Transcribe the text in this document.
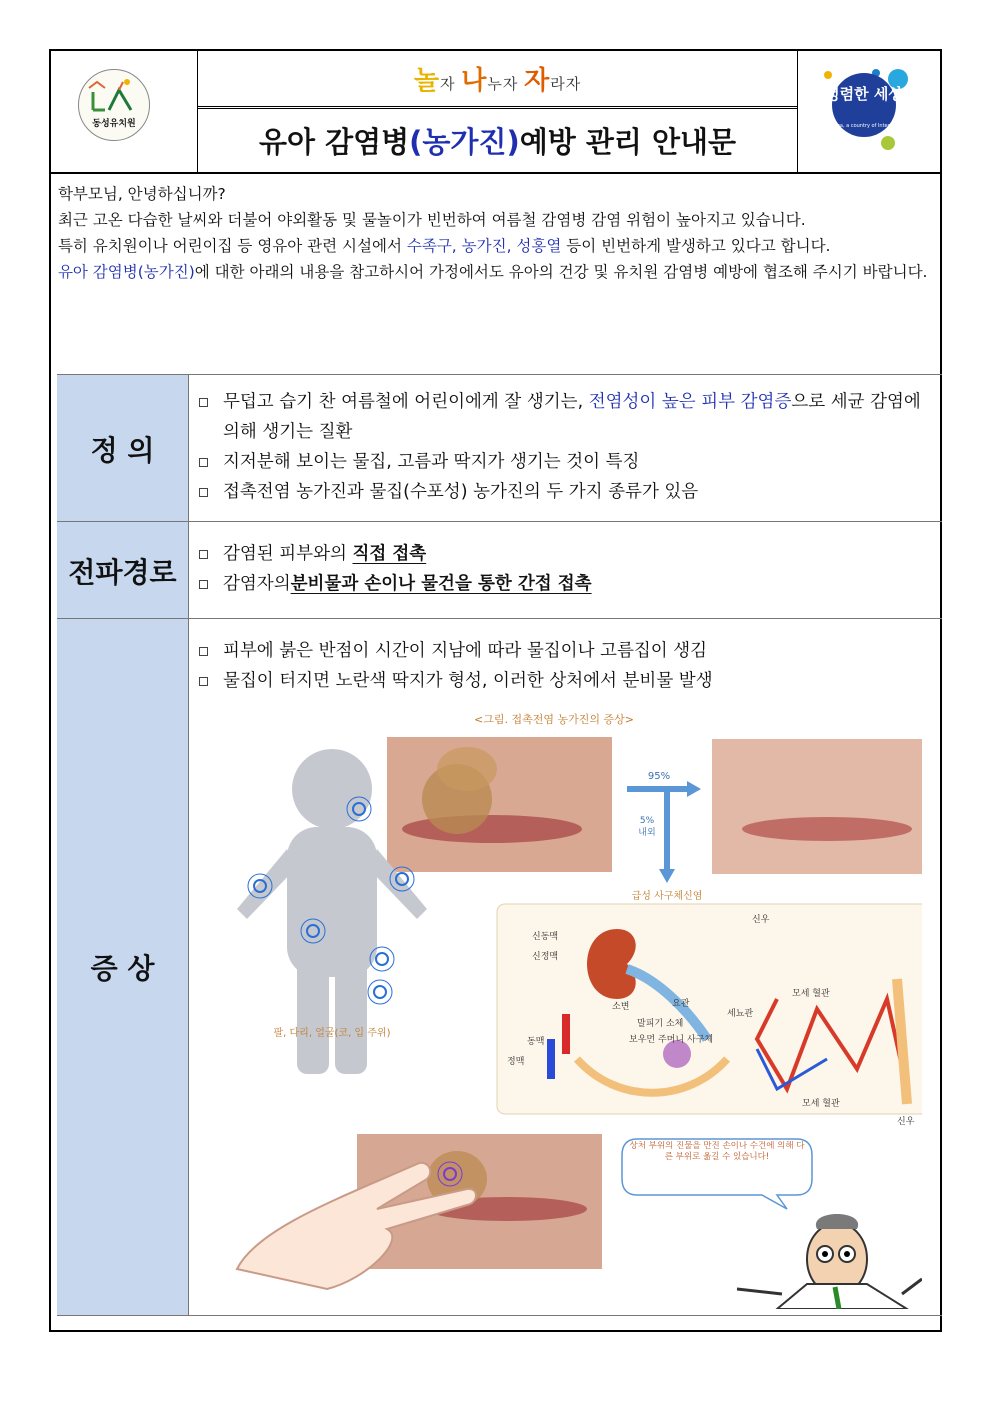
동성유치원
놀자 나누자 자라자
유아 감염병 (농가진) 예방 관리 안내문
청렴한 세상
Korea, a country of Integrity

학부모님, 안녕하십니까?

최근 고온 다습한 날씨와 더불어 야외활동 및 물놀이가 빈번하여 여름철 감염병 감염 위험이 높아지고 있습니다.

특히 유치원이나 어린이집 등 영유아 관련 시설에서 수족구, 농가진, 성홍열 등이 빈번하게 발생하고 있다고 합니다.

유아 감염병(농가진)에 대한 아래의 내용을 참고하시어 가정에서도 유아의 건강 및 유치원 감염병 예방에 협조해 주시기 바랍니다.

정 의
무덥고 습기 찬 여름철에 어린이에게 잘 생기는, 전염성이 높은 피부 감염증으로 세균 감염에 의해 생기는 질환
지저분해 보이는 물집, 고름과 딱지가 생기는 것이 특징
접촉전염 농가진과 물집(수포성) 농가진의 두 가지 종류가 있음
전파경로
감염된 피부와의 직접 접촉
감염자의분비물과 손이나 물건을 통한 간접 접촉
증 상
피부에 붉은 반점이 시간이 지남에 따라 물집이나 고름집이 생김
물집이 터지면 노란색 딱지가 형성, 이러한 상처에서 분비물 발생
<그림. 접촉전염 농가진의 증상>
95%
5%
내외
급성 사구체신염
팔, 다리, 얼굴(코, 입 주위)
신동맥
신정맥
신우
소변	요관
모세 혈관
세뇨관
말피기 소체
보우먼 주머니 사구체
동맥
정맥
모세 혈관
신우
상처 부위의 진물을 만진 손이나 수건에 의해 다른 부위로 옮길 수 있습니다!
